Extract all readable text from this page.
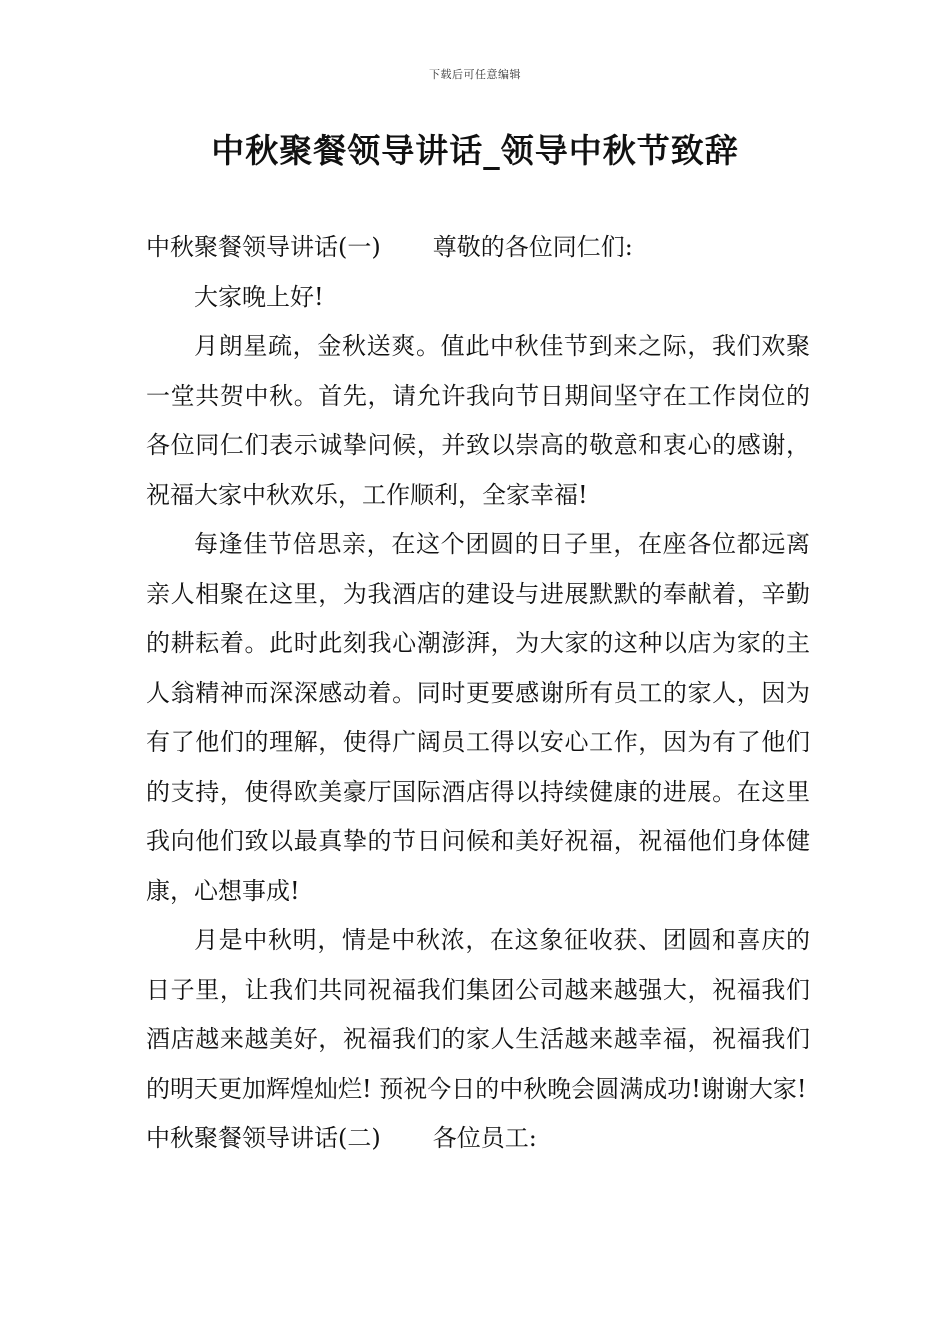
下载后可任意编辑
中秋聚餐领导讲话_领导中秋节致辞

中秋聚餐领导讲话(一) 尊敬的各位同仁们:

大家晚上好!

月朗星疏，金秋送爽。值此中秋佳节到来之际，我们欢聚一堂共贺中秋。首先，请允许我向节日期间坚守在工作岗位的各位同仁们表示诚挚问候，并致以崇高的敬意和衷心的感谢，祝福大家中秋欢乐，工作顺利，全家幸福!

每逢佳节倍思亲，在这个团圆的日子里，在座各位都远离亲人相聚在这里，为我酒店的建设与进展默默的奉献着，辛勤的耕耘着。此时此刻我心潮澎湃，为大家的这种以店为家的主人翁精神而深深感动着。同时更要感谢所有员工的家人，因为有了他们的理解，使得广阔员工得以安心工作，因为有了他们的支持，使得欧美豪厅国际酒店得以持续健康的进展。在这里我向他们致以最真挚的节日问候和美好祝福，祝福他们身体健康，心想事成!

月是中秋明，情是中秋浓，在这象征收获、团圆和喜庆的日子里，让我们共同祝福我们集团公司越来越强大，祝福我们酒店越来越美好，祝福我们的家人生活越来越幸福，祝福我们的明天更加辉煌灿烂! 预祝今日的中秋晚会圆满成功!谢谢大家!

中秋聚餐领导讲话(二) 各位员工:
